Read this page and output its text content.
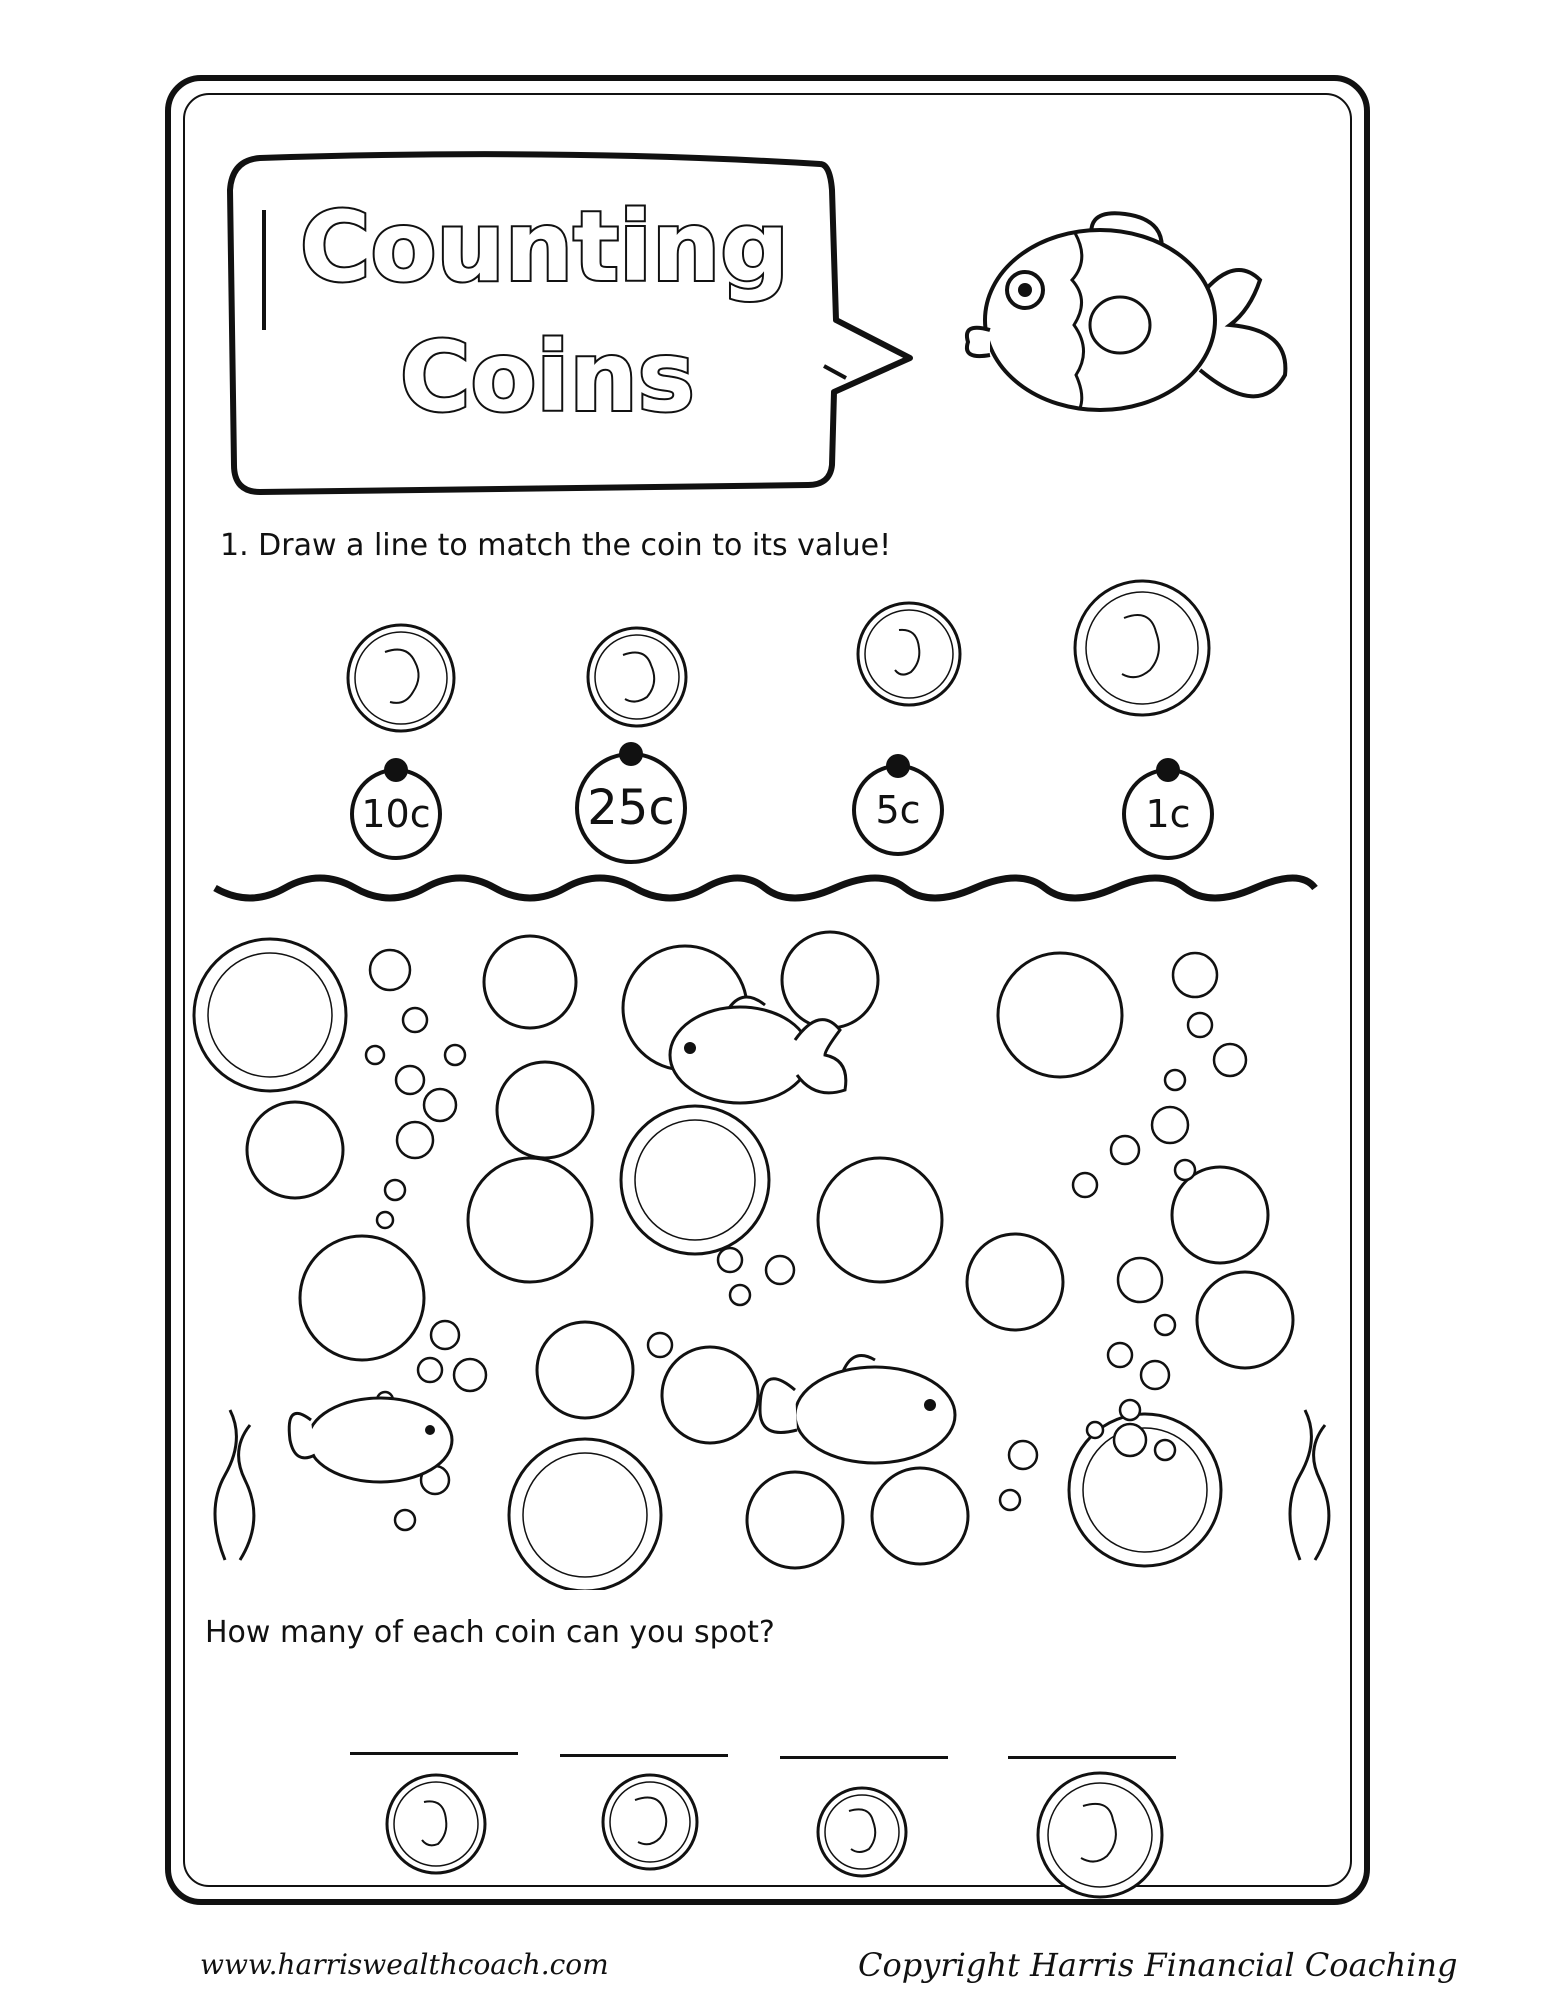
Counting
Coins
1. Draw a line to match the coin to its value!
10c	25c	5c	1c
How many of each coin can you spot?
www.harriswealthcoach.com	Copyright Harris Financial Coaching
